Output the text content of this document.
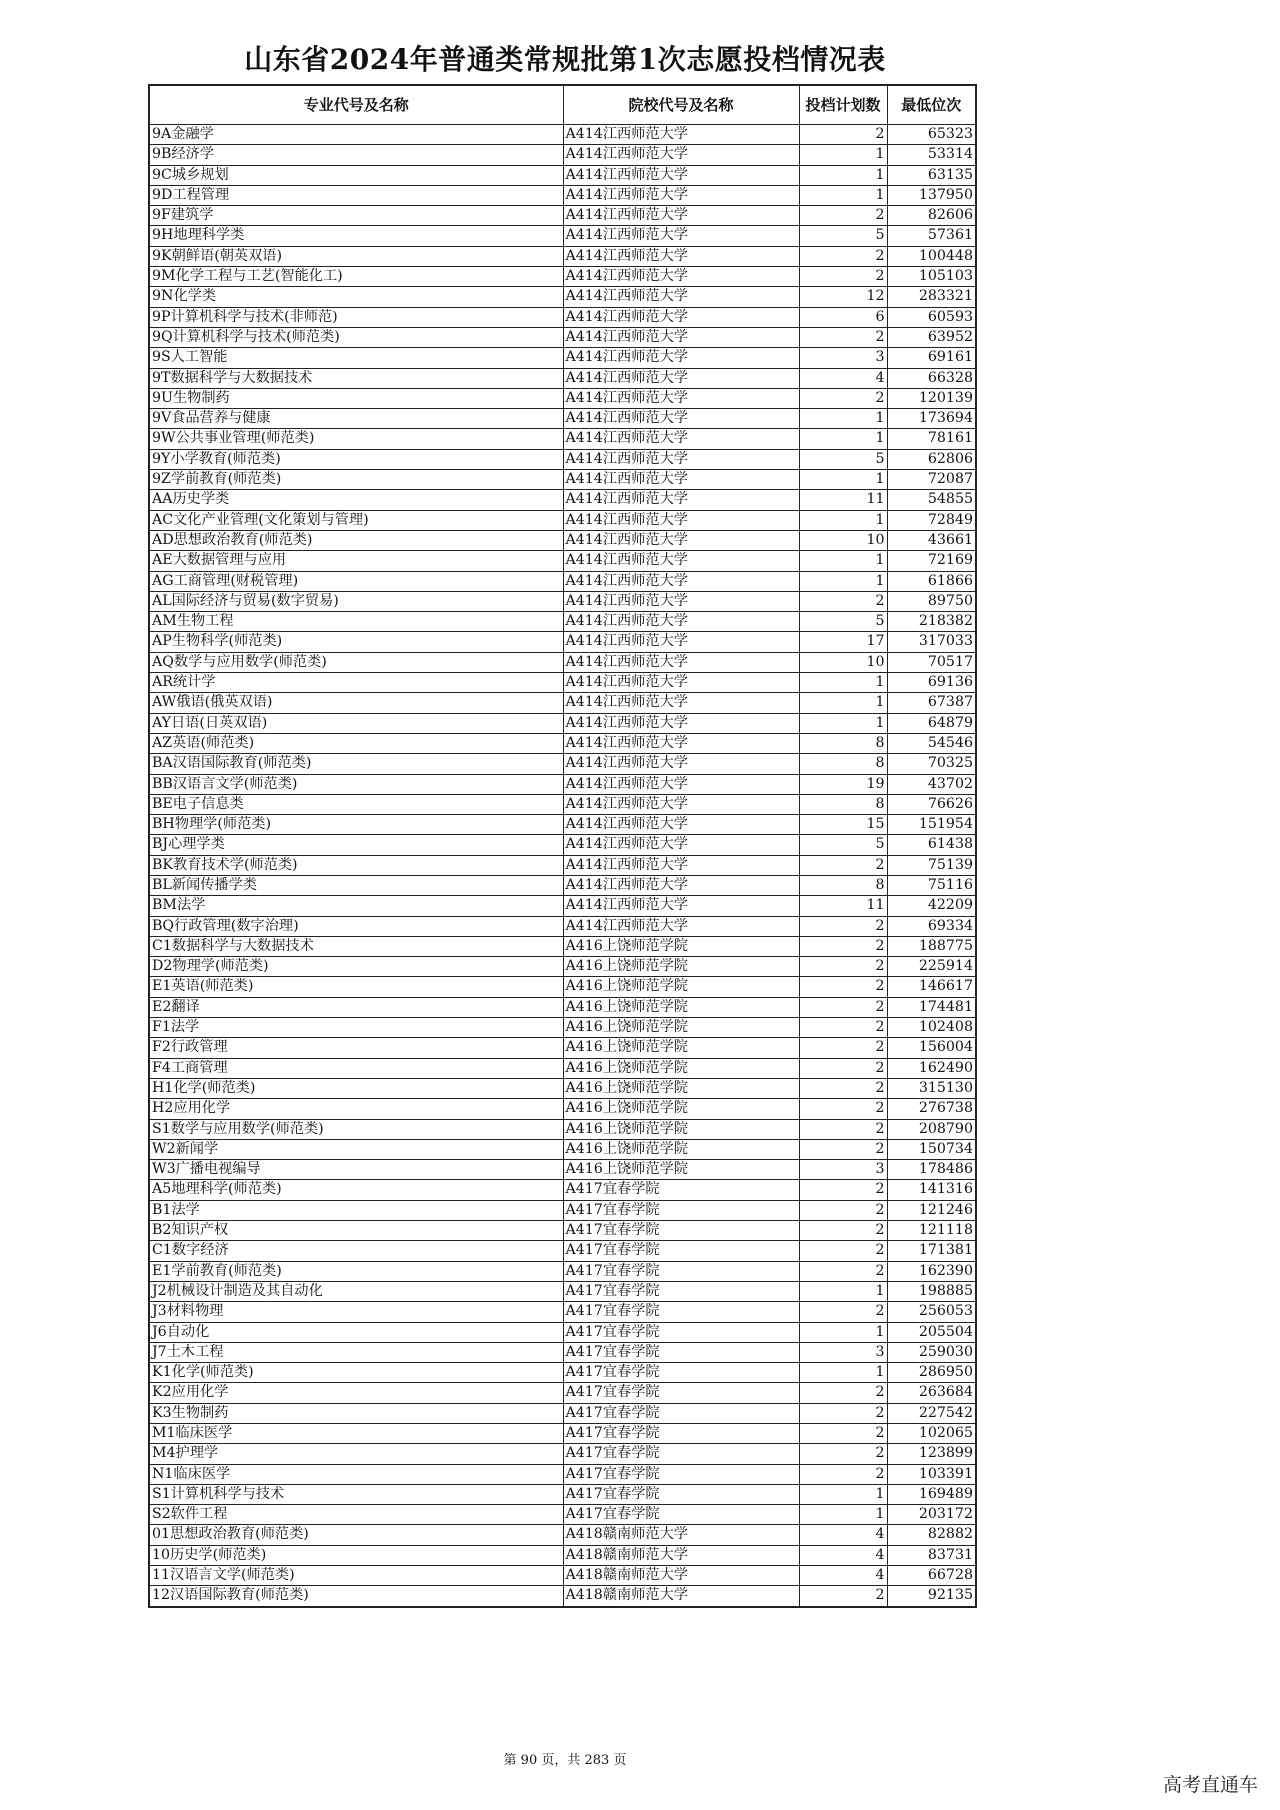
山东省2024年普通类常规批第1次志愿投档情况表
专业代号及名称	院校代号及名称	投档计划数	最低位次
9A金融学	A414江西师范大学	2	65323
9B经济学	A414江西师范大学	1	53314
9C城乡规划	A414江西师范大学	1	63135
9D工程管理	A414江西师范大学	1	137950
9F建筑学	A414江西师范大学	2	82606
9H地理科学类	A414江西师范大学	5	57361
9K朝鲜语(朝英双语)	A414江西师范大学	2	100448
9M化学工程与工艺(智能化工)	A414江西师范大学	2	105103
9N化学类	A414江西师范大学	12	283321
9P计算机科学与技术(非师范)	A414江西师范大学	6	60593
9Q计算机科学与技术(师范类)	A414江西师范大学	2	63952
9S人工智能	A414江西师范大学	3	69161
9T数据科学与大数据技术	A414江西师范大学	4	66328
9U生物制药	A414江西师范大学	2	120139
9V食品营养与健康	A414江西师范大学	1	173694
9W公共事业管理(师范类)	A414江西师范大学	1	78161
9Y小学教育(师范类)	A414江西师范大学	5	62806
9Z学前教育(师范类)	A414江西师范大学	1	72087
AA历史学类	A414江西师范大学	11	54855
AC文化产业管理(文化策划与管理)	A414江西师范大学	1	72849
AD思想政治教育(师范类)	A414江西师范大学	10	43661
AE大数据管理与应用	A414江西师范大学	1	72169
AG工商管理(财税管理)	A414江西师范大学	1	61866
AL国际经济与贸易(数字贸易)	A414江西师范大学	2	89750
AM生物工程	A414江西师范大学	5	218382
AP生物科学(师范类)	A414江西师范大学	17	317033
AQ数学与应用数学(师范类)	A414江西师范大学	10	70517
AR统计学	A414江西师范大学	1	69136
AW俄语(俄英双语)	A414江西师范大学	1	67387
AY日语(日英双语)	A414江西师范大学	1	64879
AZ英语(师范类)	A414江西师范大学	8	54546
BA汉语国际教育(师范类)	A414江西师范大学	8	70325
BB汉语言文学(师范类)	A414江西师范大学	19	43702
BE电子信息类	A414江西师范大学	8	76626
BH物理学(师范类)	A414江西师范大学	15	151954
BJ心理学类	A414江西师范大学	5	61438
BK教育技术学(师范类)	A414江西师范大学	2	75139
BL新闻传播学类	A414江西师范大学	8	75116
BM法学	A414江西师范大学	11	42209
BQ行政管理(数字治理)	A414江西师范大学	2	69334
C1数据科学与大数据技术	A416上饶师范学院	2	188775
D2物理学(师范类)	A416上饶师范学院	2	225914
E1英语(师范类)	A416上饶师范学院	2	146617
E2翻译	A416上饶师范学院	2	174481
F1法学	A416上饶师范学院	2	102408
F2行政管理	A416上饶师范学院	2	156004
F4工商管理	A416上饶师范学院	2	162490
H1化学(师范类)	A416上饶师范学院	2	315130
H2应用化学	A416上饶师范学院	2	276738
S1数学与应用数学(师范类)	A416上饶师范学院	2	208790
W2新闻学	A416上饶师范学院	2	150734
W3广播电视编导	A416上饶师范学院	3	178486
A5地理科学(师范类)	A417宜春学院	2	141316
B1法学	A417宜春学院	2	121246
B2知识产权	A417宜春学院	2	121118
C1数字经济	A417宜春学院	2	171381
E1学前教育(师范类)	A417宜春学院	2	162390
J2机械设计制造及其自动化	A417宜春学院	1	198885
J3材料物理	A417宜春学院	2	256053
J6自动化	A417宜春学院	1	205504
J7土木工程	A417宜春学院	3	259030
K1化学(师范类)	A417宜春学院	1	286950
K2应用化学	A417宜春学院	2	263684
K3生物制药	A417宜春学院	2	227542
M1临床医学	A417宜春学院	2	102065
M4护理学	A417宜春学院	2	123899
N1临床医学	A417宜春学院	2	103391
S1计算机科学与技术	A417宜春学院	1	169489
S2软件工程	A417宜春学院	1	203172
01思想政治教育(师范类)	A418赣南师范大学	4	82882
10历史学(师范类)	A418赣南师范大学	4	83731
11汉语言文学(师范类)	A418赣南师范大学	4	66728
12汉语国际教育(师范类)	A418赣南师范大学	2	92135
第 90 页，共 283 页
高考直通车
